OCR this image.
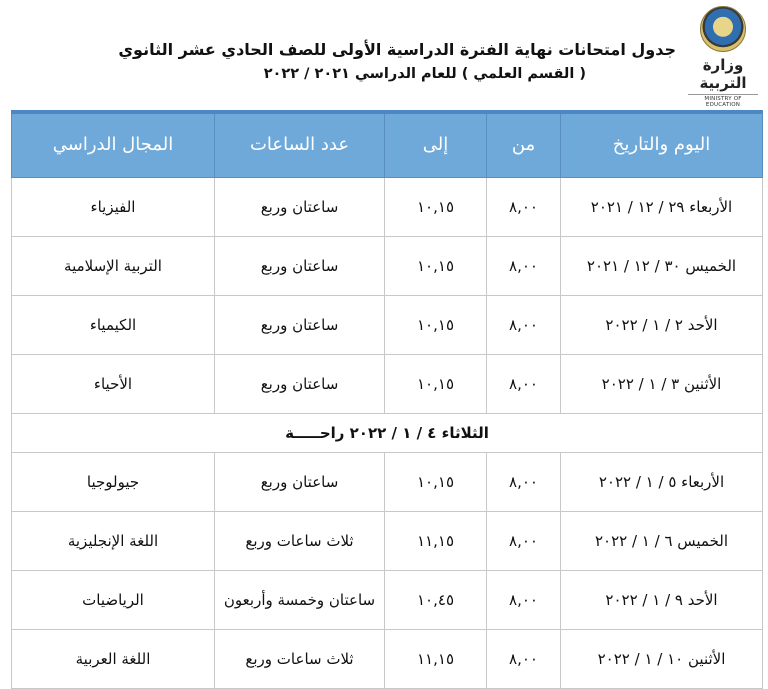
وزارة التربية
MINISTRY OF EDUCATION
جدول امتحانات نهاية الفترة الدراسية الأولى للصف الحادي عشر الثانوي
( القسم العلمي ) للعام الدراسي ٢٠٢١ / ٢٠٢٢
اليوم والتاريخ	من	إلى	عدد الساعات	المجال الدراسي
الأربعاء ٢٩ / ١٢ / ٢٠٢١	٨,٠٠	١٠,١٥	ساعتان وربع	الفيزياء
الخميس ٣٠ / ١٢ / ٢٠٢١	٨,٠٠	١٠,١٥	ساعتان وربع	التربية الإسلامية
الأحد ٢ / ١ / ٢٠٢٢	٨,٠٠	١٠,١٥	ساعتان وربع	الكيمياء
الأثنين ٣ / ١ / ٢٠٢٢	٨,٠٠	١٠,١٥	ساعتان وربع	الأحياء
الثلاثاء ٤ / ١ / ٢٠٢٢ راحـــــة				
الأربعاء ٥ / ١ / ٢٠٢٢	٨,٠٠	١٠,١٥	ساعتان وربع	جيولوجيا
الخميس ٦ / ١ / ٢٠٢٢	٨,٠٠	١١,١٥	ثلاث ساعات وربع	اللغة الإنجليزية
الأحد ٩ / ١ / ٢٠٢٢	٨,٠٠	١٠,٤٥	ساعتان وخمسة وأربعون	الرياضيات
الأثنين ١٠ / ١ / ٢٠٢٢	٨,٠٠	١١,١٥	ثلاث ساعات وربع	اللغة العربية
